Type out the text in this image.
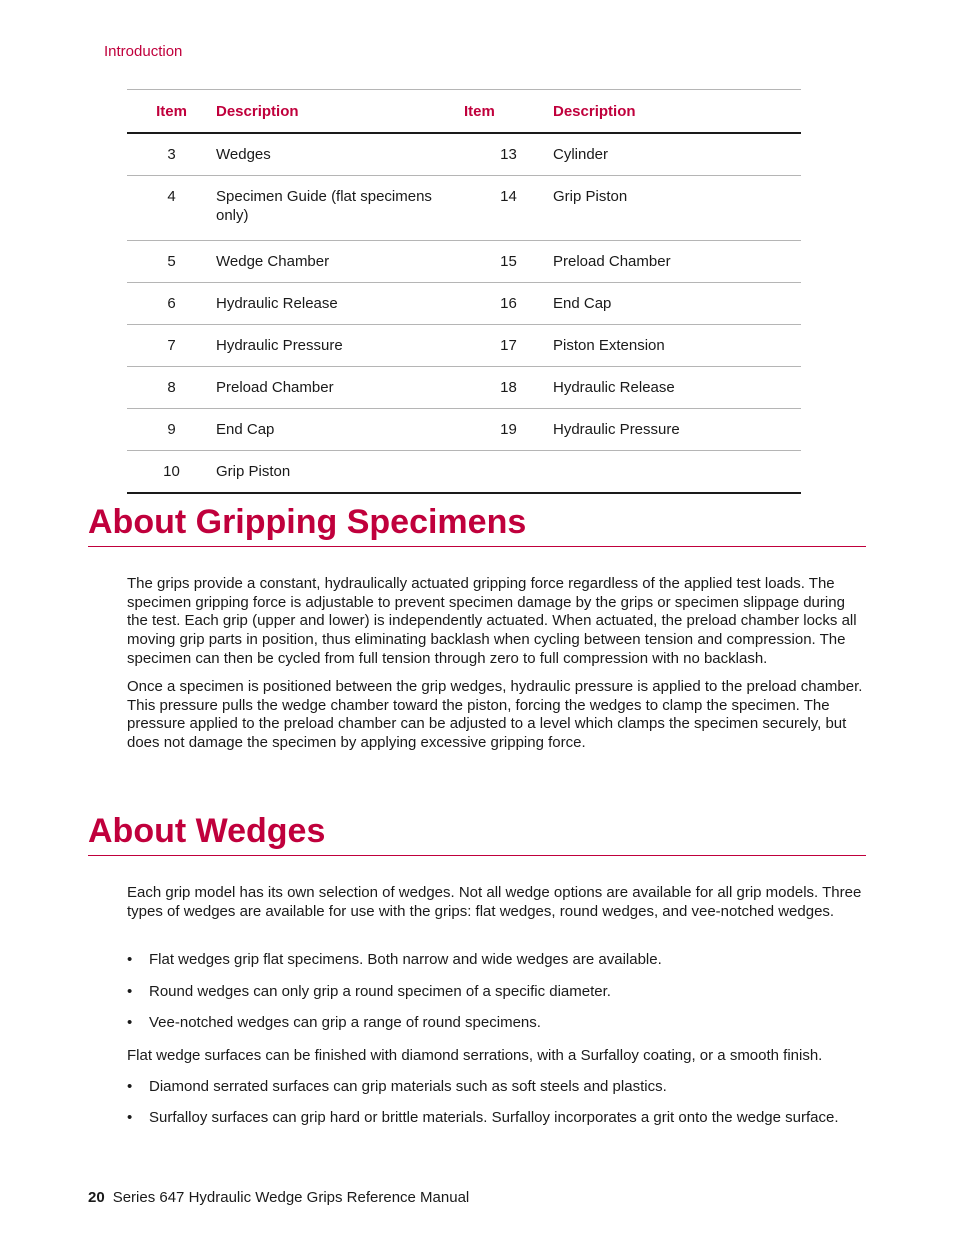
Introduction
Item	Description	Item	Description

3	Wedges	13	Cylinder

4	Specimen Guide (flat specimens only)	14	Grip Piston

5	Wedge Chamber	15	Preload Chamber

6	Hydraulic Release	16	End Cap

7	Hydraulic Pressure	17	Piston Extension

8	Preload Chamber	18	Hydraulic Release

9	End Cap	19	Hydraulic Pressure

10	Grip Piston		

About Gripping Specimens

The grips provide a constant, hydraulically actuated gripping force regardless of the applied test loads. The specimen gripping force is adjustable to prevent specimen damage by the grips or specimen slippage during the test. Each grip (upper and lower) is independently actuated. When actuated, the preload chamber locks all moving grip parts in position, thus eliminating backlash when cycling between tension and compression. The specimen can then be cycled from full tension through zero to full compression with no backlash.

Once a specimen is positioned between the grip wedges, hydraulic pressure is applied to the preload chamber. This pressure pulls the wedge chamber toward the piston, forcing the wedges to clamp the specimen. The pressure applied to the preload chamber can be adjusted to a level which clamps the specimen securely, but does not damage the specimen by applying excessive gripping force.

About Wedges

Each grip model has its own selection of wedges. Not all wedge options are available for all grip models. Three types of wedges are available for use with the grips: flat wedges, round wedges, and vee-notched wedges.

• Flat wedges grip flat specimens. Both narrow and wide wedges are available.
• Round wedges can only grip a round specimen of a specific diameter.
• Vee-notched wedges can grip a range of round specimens.

Flat wedge surfaces can be finished with diamond serrations, with a Surfalloy coating, or a smooth finish.

• Diamond serrated surfaces can grip materials such as soft steels and plastics.
• Surfalloy surfaces can grip hard or brittle materials. Surfalloy incorporates a grit onto the wedge surface.
20 Series 647 Hydraulic Wedge Grips Reference Manual
